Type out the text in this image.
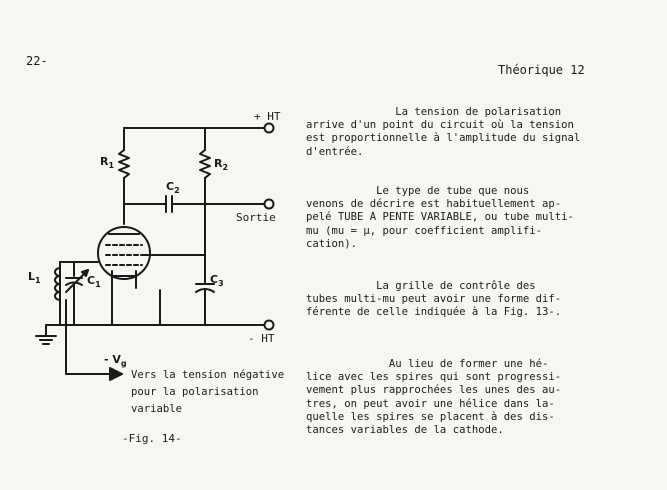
22-
Théorique 12
+ HT
$R_1$	$R_2$
$C_2$
Sortie
$L_1$	$C_1$	$C_3$
- HT
- $V_g$
Vers la tension négative
pour la polarisation
variable
-Fig. 14-
La tension de polarisation
arrive d'un point du circuit où la tension
est proportionnelle à l'amplitude du signal
d'entrée.
Le type de tube que nous
venons de décrire est habituellement ap-
pelé TUBE A PENTE VARIABLE, ou tube multi-
mu (mu = µ, pour coefficient amplifi-
cation).
La grille de contrôle des
tubes multi-mu peut avoir une forme dif-
férente de celle indiquée à la Fig. 13-.
Au lieu de former une hé-
lice avec les spires qui sont progressi-
vement plus rapprochées les unes des au-
tres, on peut avoir une hélice dans la-
quelle les spires se placent à des dis-
tances variables de la cathode.
